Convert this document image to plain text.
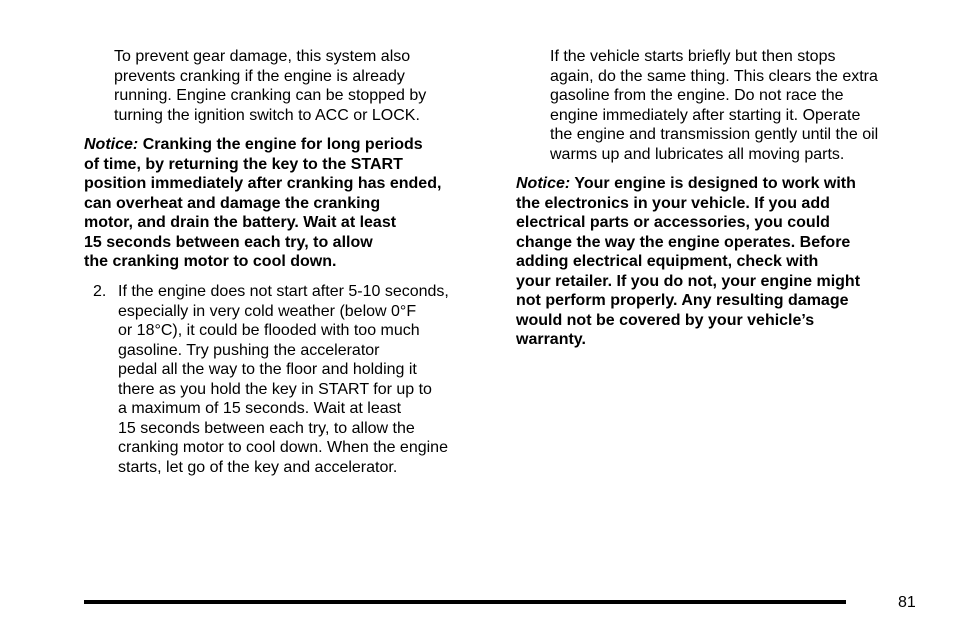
To prevent gear damage, this system also
prevents cranking if the engine is already
running. Engine cranking can be stopped by
turning the ignition switch to ACC or LOCK.
Notice: Cranking the engine for long periods
of time, by returning the key to the START
position immediately after cranking has ended,
can overheat and damage the cranking
motor, and drain the battery. Wait at least
15 seconds between each try, to allow
the cranking motor to cool down.
2. If the engine does not start after 5-10 seconds,
especially in very cold weather (below 0°F
or 18°C), it could be flooded with too much
gasoline. Try pushing the accelerator
pedal all the way to the floor and holding it
there as you hold the key in START for up to
a maximum of 15 seconds. Wait at least
15 seconds between each try, to allow the
cranking motor to cool down. When the engine
starts, let go of the key and accelerator.
If the vehicle starts briefly but then stops
again, do the same thing. This clears the extra
gasoline from the engine. Do not race the
engine immediately after starting it. Operate
the engine and transmission gently until the oil
warms up and lubricates all moving parts.
Notice: Your engine is designed to work with
the electronics in your vehicle. If you add
electrical parts or accessories, you could
change the way the engine operates. Before
adding electrical equipment, check with
your retailer. If you do not, your engine might
not perform properly. Any resulting damage
would not be covered by your vehicle’s
warranty.
81
